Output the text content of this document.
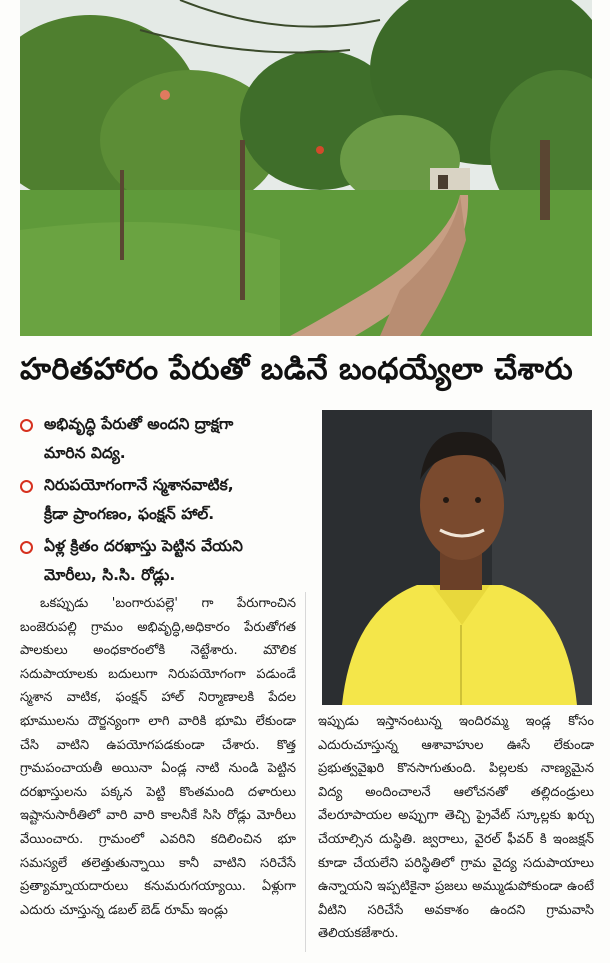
హరితహారం పేరుతో బడినే బంధయ్యేలా చేశారు
అభివృద్ధి పేరుతో అందని ద్రాక్షగా
మారిన విద్య.
నిరుపయోగంగానే స్మశానవాటిక,
క్రీడా ప్రాంగణం, ఫంక్షన్ హాల్.
ఏళ్ల క్రితం దరఖాస్తు పెట్టిన వేయని
మోరీలు, సి.సి. రోడ్లు.
ఒకప్పుడు 'బంగారుపల్లె' గా పేరుగాంచిన బంజెరుపల్లి గ్రామం అభివృద్ధి,అధికారం పేరుతోగత పాలకులు అంధకారంలోకి నెట్టేశారు. మౌలిక సదుపాయాలకు బదులుగా నిరుపయోగంగా పడుండే స్మశాన వాటిక, ఫంక్షన్ హాల్ నిర్మాణాలకి పేదల భూములను దౌర్జన్యంగా లాగి వారికి భూమి లేకుండా చేసి వాటిని ఉపయోగపడకుండా చేశారు. కొత్త గ్రామపంచాయతీ అయినా ఏండ్ల నాటి నుండి పెట్టిన దరఖాస్తులను పక్కన పెట్టి కొంతమంది దళారులు ఇష్టానుసారీతిలో వారి వారి కాలనీకే సిసి రోడ్లు మోరీలు వేయించారు. గ్రామంలో ఎవరిని కదిలించిన భూ సమస్యలే తలెత్తుతున్నాయి కానీ వాటిని సరిచేసే ప్రత్యామ్నాయదారులు కనుమరుగయ్యాయి. ఏళ్లుగా ఎదురు చూస్తున్న డబల్ బెడ్ రూమ్ ఇండ్లు
ఇప్పుడు ఇస్తానంటున్న ఇందిరమ్మ ఇండ్ల కోసం ఎదురుచూస్తున్న ఆశావాహుల ఊసే లేకుండా ప్రభుత్వవైఖరి కొనసాగుతుంది. పిల్లలకు నాణ్యమైన విద్య అందించాలనే ఆలోచనతో తల్లిదండ్రులు వేలరూపాయల అప్పుగా తెచ్చి ప్రైవేట్ స్కూల్లకు ఖర్చు చేయాల్సిన దుస్థితి. జ్వరాలు, వైరల్ ఫీవర్ కి ఇంజక్షన్ కూడా చేయలేని పరిస్థితిలో గ్రామ వైద్య సదుపాయాలు ఉన్నాయని ఇప్పటికైనా ప్రజలు అమ్ముడుపోకుండా ఉంటే వీటిని సరిచేసే అవకాశం ఉందని గ్రామవాసి తెలియకజేశారు.
